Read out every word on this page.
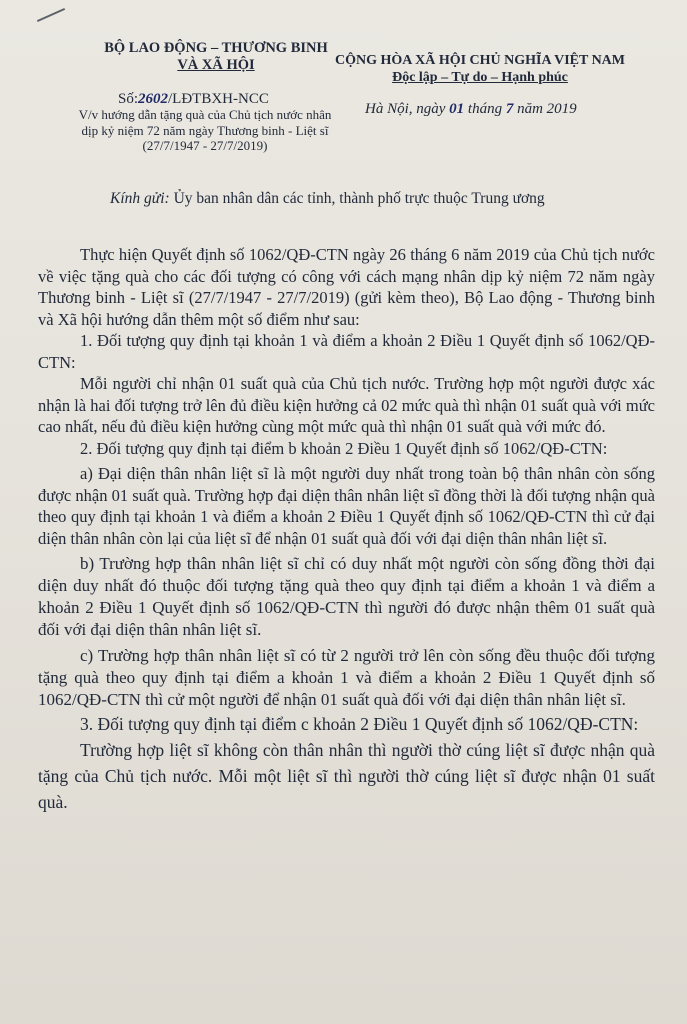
BỘ LAO ĐỘNG – THƯƠNG BINH
VÀ XÃ HỘI	CỘNG HÒA XÃ HỘI CHỦ NGHĨA VIỆT NAM
Độc lập – Tự do – Hạnh phúc
Số:2602/LĐTBXH-NCC
V/v hướng dẫn tặng quà của Chủ tịch nước nhân dịp kỷ niệm 72 năm ngày Thương binh - Liệt sĩ (27/7/1947 - 27/7/2019)
Hà Nội, ngày 01 tháng 7 năm 2019
Kính gửi: Ủy ban nhân dân các tỉnh, thành phố trực thuộc Trung ương

Thực hiện Quyết định số 1062/QĐ-CTN ngày 26 tháng 6 năm 2019 của Chủ tịch nước về việc tặng quà cho các đối tượng có công với cách mạng nhân dịp kỷ niệm 72 năm ngày Thương binh - Liệt sĩ (27/7/1947 - 27/7/2019) (gửi kèm theo), Bộ Lao động - Thương binh và Xã hội hướng dẫn thêm một số điểm như sau:

1. Đối tượng quy định tại khoản 1 và điểm a khoản 2 Điều 1 Quyết định số 1062/QĐ-CTN:

Mỗi người chỉ nhận 01 suất quà của Chủ tịch nước. Trường hợp một người được xác nhận là hai đối tượng trở lên đủ điều kiện hưởng cả 02 mức quà thì nhận 01 suất quà với mức cao nhất, nếu đủ điều kiện hưởng cùng một mức quà thì nhận 01 suất quà với mức đó.

2. Đối tượng quy định tại điểm b khoản 2 Điều 1 Quyết định số 1062/QĐ-CTN:

a) Đại diện thân nhân liệt sĩ là một người duy nhất trong toàn bộ thân nhân còn sống được nhận 01 suất quà. Trường hợp đại diện thân nhân liệt sĩ đồng thời là đối tượng nhận quà theo quy định tại khoản 1 và điểm a khoản 2 Điều 1 Quyết định số 1062/QĐ-CTN thì cử đại diện thân nhân còn lại của liệt sĩ để nhận 01 suất quà đối với đại diện thân nhân liệt sĩ.

b) Trường hợp thân nhân liệt sĩ chỉ có duy nhất một người còn sống đồng thời đại diện duy nhất đó thuộc đối tượng tặng quà theo quy định tại điểm a khoản 1 và điểm a khoản 2 Điều 1 Quyết định số 1062/QĐ-CTN thì người đó được nhận thêm 01 suất quà đối với đại diện thân nhân liệt sĩ.

c) Trường hợp thân nhân liệt sĩ có từ 2 người trở lên còn sống đều thuộc đối tượng tặng quà theo quy định tại điểm a khoản 1 và điểm a khoản 2 Điều 1 Quyết định số 1062/QĐ-CTN thì cử một người để nhận 01 suất quà đối với đại diện thân nhân liệt sĩ.

3. Đối tượng quy định tại điểm c khoản 2 Điều 1 Quyết định số 1062/QĐ-CTN:

Trường hợp liệt sĩ không còn thân nhân thì người thờ cúng liệt sĩ được nhận quà tặng của Chủ tịch nước. Mỗi một liệt sĩ thì người thờ cúng liệt sĩ được nhận 01 suất quà.
